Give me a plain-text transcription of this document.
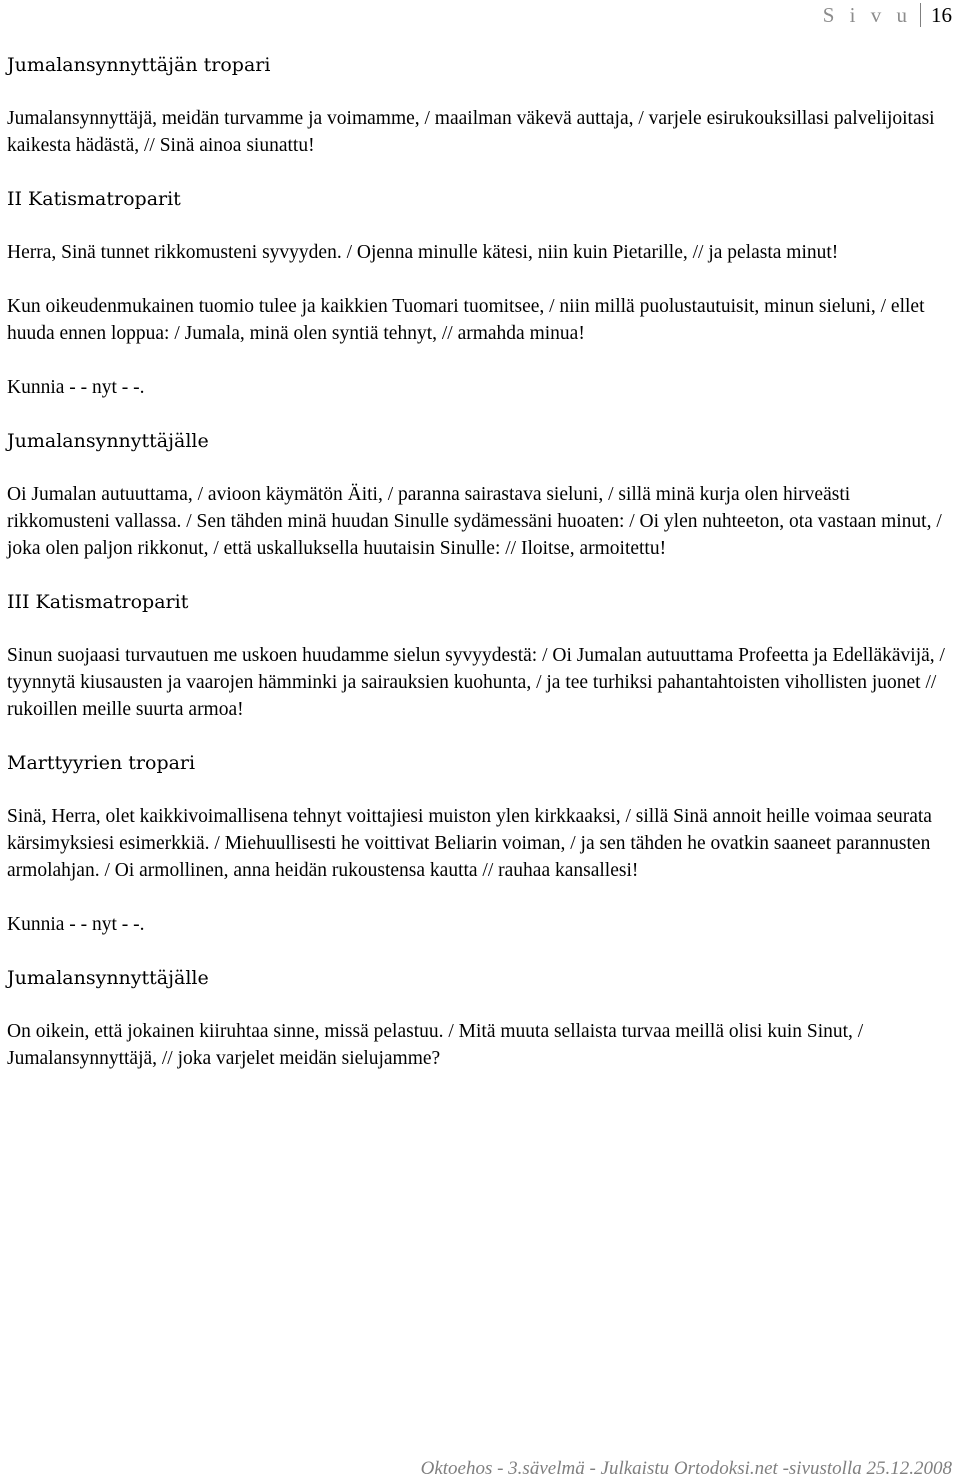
S i v u 16
Jumalansynnyttäjän tropari
Jumalansynnyttäjä, meidän turvamme ja voimamme, / maailman väkevä auttaja, / varjele esirukouksillasi palvelijoitasi kaikesta hädästä, // Sinä ainoa siunattu!
II Katismatroparit
Herra, Sinä tunnet rikkomusteni syvyyden. / Ojenna minulle kätesi, niin kuin Pietarille, // ja pelasta minut!
Kun oikeudenmukainen tuomio tulee ja kaikkien Tuomari tuomitsee, / niin millä puolustautuisit, minun sieluni, / ellet huuda ennen loppua: / Jumala, minä olen syntiä tehnyt, // armahda minua!
Kunnia - - nyt - -.
Jumalansynnyttäjälle
Oi Jumalan autuuttama, / avioon käymätön Äiti, / paranna sairastava sieluni, / sillä minä kurja olen hirveästi rikkomusteni vallassa. / Sen tähden minä huudan Sinulle sydämessäni huoaten: / Oi ylen nuhteeton, ota vastaan minut, / joka olen paljon rikkonut, / että uskalluksella huutaisin Sinulle: // Iloitse, armoitettu!
III Katismatroparit
Sinun suojaasi turvautuen me uskoen huudamme sielun syvyydestä: / Oi Jumalan autuuttama Profeetta ja Edelläkävijä, / tyynnytä kiusausten ja vaarojen hämminki ja sairauksien kuohunta, / ja tee turhiksi pahantahtoisten vihollisten juonet // rukoillen meille suurta armoa!
Marttyyrien tropari
Sinä, Herra, olet kaikkivoimallisena tehnyt voittajiesi muiston ylen kirkkaaksi, / sillä Sinä annoit heille voimaa seurata kärsimyksiesi esimerkkiä. / Miehuullisesti he voittivat Beliarin voiman, / ja sen tähden he ovatkin saaneet parannusten armolahjan. / Oi armollinen, anna heidän rukoustensa kautta // rauhaa kansallesi!
Kunnia - - nyt - -.
Jumalansynnyttäjälle
On oikein, että jokainen kiiruhtaa sinne, missä pelastuu. / Mitä muuta sellaista turvaa meillä olisi kuin Sinut, / Jumalansynnyttäjä, // joka varjelet meidän sielujamme?
Oktoehos - 3.sävelmä - Julkaistu Ortodoksi.net -sivustolla 25.12.2008
